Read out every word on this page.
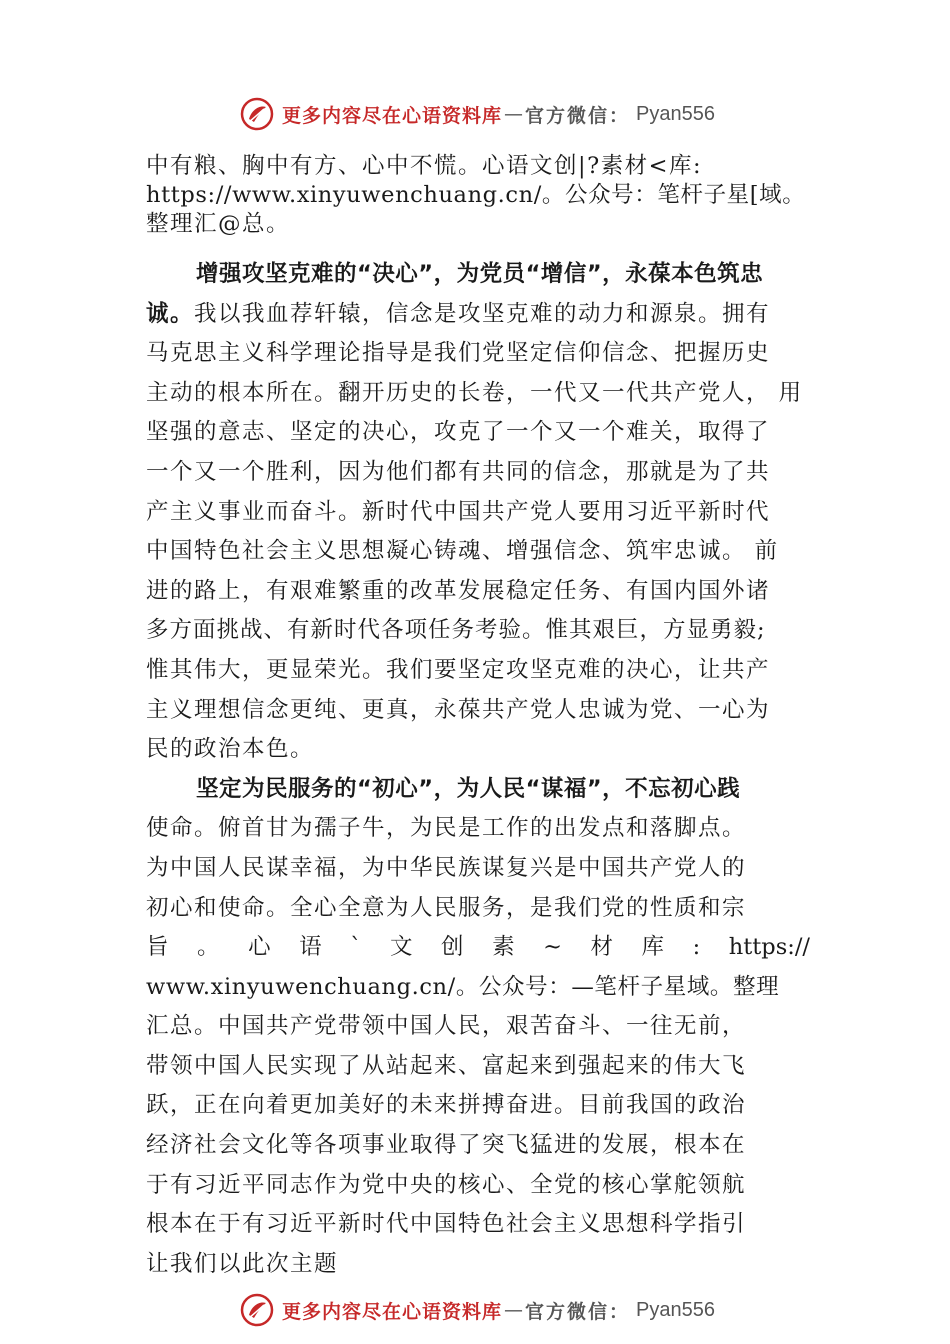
更多内容尽在心语资料库 — 官方微信： Pyan556
中有粮、胸中有方、心中不慌。心语文创|?素材<库:
https://www.xinyuwenchuang.cn/。公众号：笔杆子星[域。
整理汇@总。
增强攻坚克难的“决心”，为党员“增信”，永葆本色筑忠
诚。我以我血荐轩辕，信念是攻坚克难的动力和源泉。拥有
马克思主义科学理论指导是我们党坚定信仰信念、把握历史
主动的根本所在。翻开历史的长卷，一代又一代共产党人， 用
坚强的意志、坚定的决心，攻克了一个又一个难关，取得了
一个又一个胜利，因为他们都有共同的信念，那就是为了共
产主义事业而奋斗。新时代中国共产党人要用习近平新时代
中国特色社会主义思想凝心铸魂、增强信念、筑牢忠诚。 前
进的路上，有艰难繁重的改革发展稳定任务、有国内国外诸
多方面挑战、有新时代各项任务考验。惟其艰巨，方显勇毅;
惟其伟大，更显荣光。我们要坚定攻坚克难的决心，让共产
主义理想信念更纯、更真，永葆共产党人忠诚为党、一心为
民的政治本色。
坚定为民服务的“初心”，为人民“谋福”，不忘初心践
使命。俯首甘为孺子牛，为民是工作的出发点和落脚点。
为中国人民谋幸福，为中华民族谋复兴是中国共产党人的
初心和使命。全心全意为人民服务，是我们党的性质和宗
旨 。 心 语 ` 文 创 素 ~ 材 库 : https://
www.xinyuwenchuang.cn/。公众号：—笔杆子星域。整理
汇总。中国共产党带领中国人民，艰苦奋斗、一往无前，
带领中国人民实现了从站起来、富起来到强起来的伟大飞
跃，正在向着更加美好的未来拼搏奋进。目前我国的政治
经济社会文化等各项事业取得了突飞猛进的发展，根本在
于有习近平同志作为党中央的核心、全党的核心掌舵领航
根本在于有习近平新时代中国特色社会主义思想科学指引
让我们以此次主题
更多内容尽在心语资料库 — 官方微信： Pyan556
